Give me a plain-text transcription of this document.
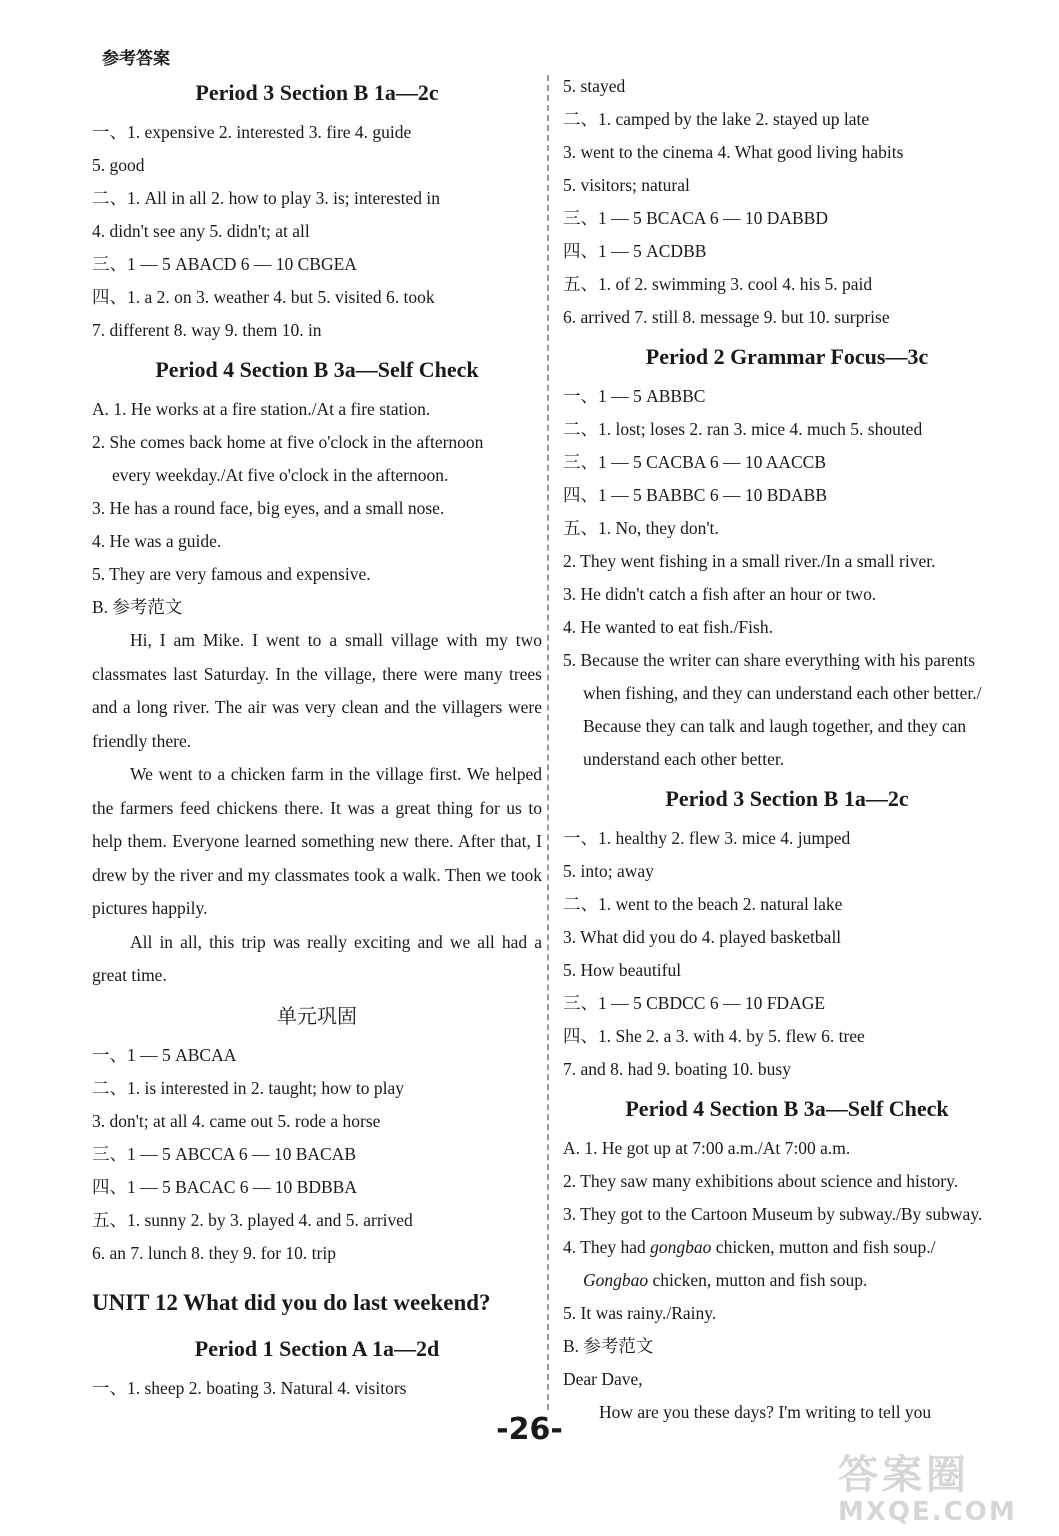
参考答案
Period 3 Section B 1a—2c
一、1. expensive 2. interested 3. fire 4. guide
5. good
二、1. All in all 2. how to play 3. is; interested in
4. didn't see any 5. didn't; at all
三、1 — 5 ABACD 6 — 10 CBGEA
四、1. a 2. on 3. weather 4. but 5. visited 6. took
7. different 8. way 9. them 10. in
Period 4 Section B 3a—Self Check
A. 1. He works at a fire station./At a fire station.
2. She comes back home at five o'clock in the afternoon
every weekday./At five o'clock in the afternoon.
3. He has a round face, big eyes, and a small nose.
4. He was a guide.
5. They are very famous and expensive.
B. 参考范文
Hi, I am Mike. I went to a small village with my two classmates last Saturday. In the village, there were many trees and a long river. The air was very clean and the villagers were friendly there.
We went to a chicken farm in the village first. We helped the farmers feed chickens there. It was a great thing for us to help them. Everyone learned something new there. After that, I drew by the river and my classmates took a walk. Then we took pictures happily.
All in all, this trip was really exciting and we all had a great time.
单元巩固
一、1 — 5 ABCAA
二、1. is interested in 2. taught; how to play
3. don't; at all 4. came out 5. rode a horse
三、1 — 5 ABCCA 6 — 10 BACAB
四、1 — 5 BACAC 6 — 10 BDBBA
五、1. sunny 2. by 3. played 4. and 5. arrived
6. an 7. lunch 8. they 9. for 10. trip
UNIT 12 What did you do last weekend?
Period 1 Section A 1a—2d
一、1. sheep 2. boating 3. Natural 4. visitors
5. stayed
二、1. camped by the lake 2. stayed up late
3. went to the cinema 4. What good living habits
5. visitors; natural
三、1 — 5 BCACA 6 — 10 DABBD
四、1 — 5 ACDBB
五、1. of 2. swimming 3. cool 4. his 5. paid
6. arrived 7. still 8. message 9. but 10. surprise
Period 2 Grammar Focus—3c
一、1 — 5 ABBBC
二、1. lost; loses 2. ran 3. mice 4. much 5. shouted
三、1 — 5 CACBA 6 — 10 AACCB
四、1 — 5 BABBC 6 — 10 BDABB
五、1. No, they don't.
2. They went fishing in a small river./In a small river.
3. He didn't catch a fish after an hour or two.
4. He wanted to eat fish./Fish.
5. Because the writer can share everything with his parents
when fishing, and they can understand each other better./
Because they can talk and laugh together, and they can
understand each other better.
Period 3 Section B 1a—2c
一、1. healthy 2. flew 3. mice 4. jumped
5. into; away
二、1. went to the beach 2. natural lake
3. What did you do 4. played basketball
5. How beautiful
三、1 — 5 CBDCC 6 — 10 FDAGE
四、1. She 2. a 3. with 4. by 5. flew 6. tree
7. and 8. had 9. boating 10. busy
Period 4 Section B 3a—Self Check
A. 1. He got up at 7:00 a.m./At 7:00 a.m.
2. They saw many exhibitions about science and history.
3. They got to the Cartoon Museum by subway./By subway.
4. They had gongbao chicken, mutton and fish soup./
Gongbao chicken, mutton and fish soup.
5. It was rainy./Rainy.
B. 参考范文
Dear Dave,
How are you these days? I'm writing to tell you
-26-
答案圈
MXQE.COM
